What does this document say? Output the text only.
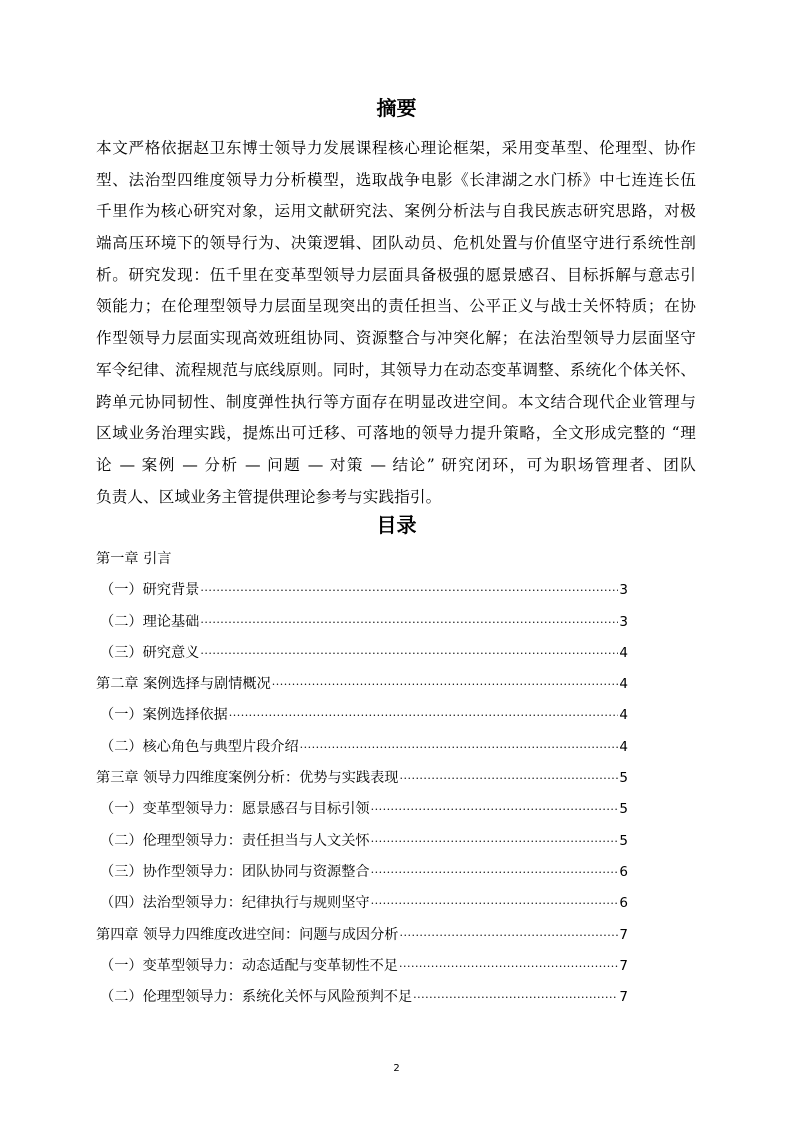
摘要
本文严格依据赵卫东博士领导力发展课程核心理论框架，采用变革型、伦理型、协作
型、法治型四维度领导力分析模型，选取战争电影《长津湖之水门桥》中七连连长伍
千里作为核心研究对象，运用文献研究法、案例分析法与自我民族志研究思路，对极
端高压环境下的领导行为、决策逻辑、团队动员、危机处置与价值坚守进行系统性剖
析。研究发现：伍千里在变革型领导力层面具备极强的愿景感召、目标拆解与意志引
领能力；在伦理型领导力层面呈现突出的责任担当、公平正义与战士关怀特质；在协
作型领导力层面实现高效班组协同、资源整合与冲突化解；在法治型领导力层面坚守
军令纪律、流程规范与底线原则。同时，其领导力在动态变革调整、系统化个体关怀、
跨单元协同韧性、制度弹性执行等方面存在明显改进空间。本文结合现代企业管理与
区域业务治理实践，提炼出可迁移、可落地的领导力提升策略，全文形成完整的 “理
论 — 案例 — 分析 — 问题 — 对策 — 结论” 研究闭环，可为职场管理者、团队
负责人、区域业务主管提供理论参考与实践指引。
目录
第一章 引言
（一）研究背景 ·····	3
（二）理论基础 ·····	3
（三）研究意义 ·····	4
第二章 案例选择与剧情概况 ·····	4
（一）案例选择依据 ·····	4
（二）核心角色与典型片段介绍 ·····	4
第三章 领导力四维度案例分析：优势与实践表现 ·····	5
（一）变革型领导力：愿景感召与目标引领 ·····	5
（二）伦理型领导力：责任担当与人文关怀 ·····	5
（三）协作型领导力：团队协同与资源整合 ·····	6
（四）法治型领导力：纪律执行与规则坚守 ·····	6
第四章 领导力四维度改进空间：问题与成因分析 ·····	7
（一）变革型领导力：动态适配与变革韧性不足 ·····	7
（二）伦理型领导力：系统化关怀与风险预判不足 ·····	7
2
